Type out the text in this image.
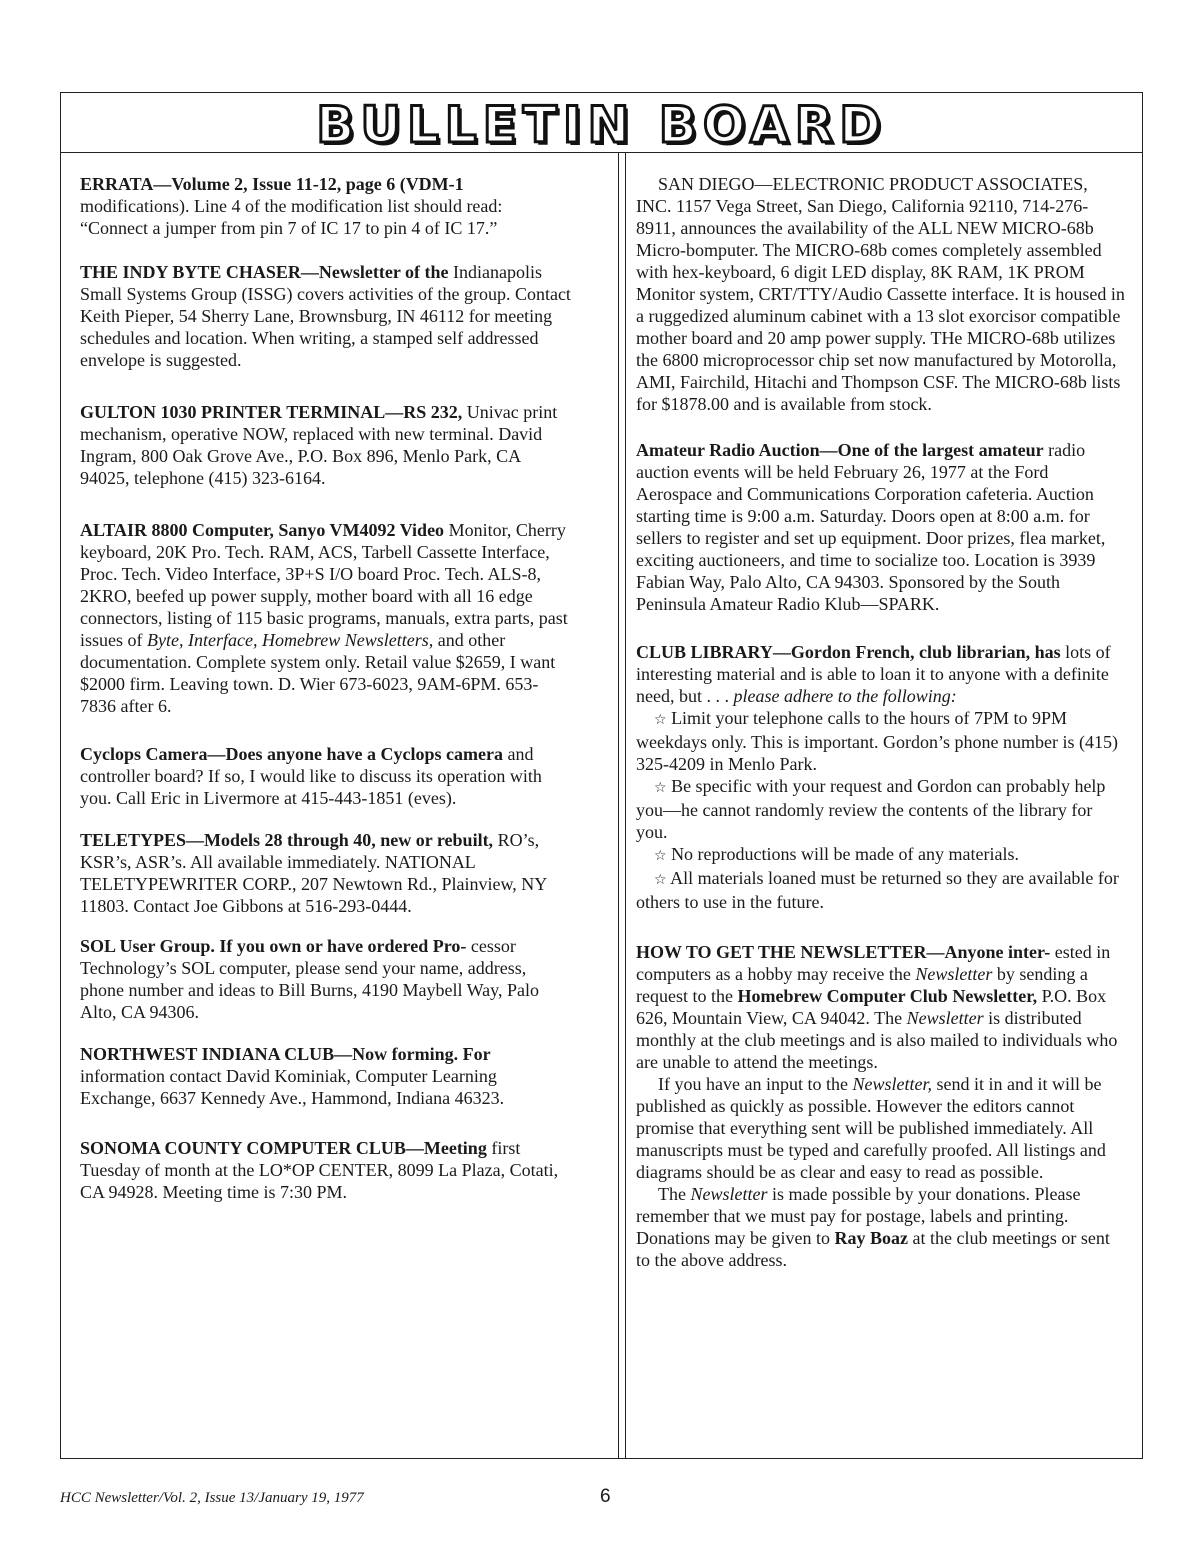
BULLETIN BOARD

ERRATA—Volume 2, Issue 11-12, page 6 (VDM-1 modifications). Line 4 of the modification list should read: “Connect a jumper from pin 7 of IC 17 to pin 4 of IC 17.”

THE INDY BYTE CHASER—Newsletter of the Indianapolis Small Systems Group (ISSG) covers activities of the group. Contact Keith Pieper, 54 Sherry Lane, Brownsburg, IN 46112 for meeting schedules and location. When writing, a stamped self addressed envelope is suggested.

GULTON 1030 PRINTER TERMINAL—RS 232, Univac print mechanism, operative NOW, replaced with new terminal. David Ingram, 800 Oak Grove Ave., P.O. Box 896, Menlo Park, CA 94025, telephone (415) 323-6164.

ALTAIR 8800 Computer, Sanyo VM4092 Video Monitor, Cherry keyboard, 20K Pro. Tech. RAM, ACS, Tarbell Cassette Interface, Proc. Tech. Video Interface, 3P+S I/O board Proc. Tech. ALS-8, 2KRO, beefed up power supply, mother board with all 16 edge connectors, listing of 115 basic programs, manuals, extra parts, past issues of Byte, Interface, Homebrew Newsletters, and other documentation. Complete system only. Retail value $2659, I want $2000 firm. Leaving town. D. Wier 673-6023, 9AM-6PM. 653-7836 after 6.

Cyclops Camera—Does anyone have a Cyclops camera and controller board? If so, I would like to discuss its operation with you. Call Eric in Livermore at 415-443-1851 (eves).

TELETYPES—Models 28 through 40, new or rebuilt, RO’s, KSR’s, ASR’s. All available immediately. NATIONAL TELETYPEWRITER CORP., 207 Newtown Rd., Plainview, NY 11803. Contact Joe Gibbons at 516-293-0444.

SOL User Group. If you own or have ordered Pro- cessor Technology’s SOL computer, please send your name, address, phone number and ideas to Bill Burns, 4190 Maybell Way, Palo Alto, CA 94306.

NORTHWEST INDIANA CLUB—Now forming. For information contact David Kominiak, Computer Learning Exchange, 6637 Kennedy Ave., Hammond, Indiana 46323.

SONOMA COUNTY COMPUTER CLUB—Meeting first Tuesday of month at the LO*OP CENTER, 8099 La Plaza, Cotati, CA 94928. Meeting time is 7:30 PM.

SAN DIEGO—ELECTRONIC PRODUCT ASSOCIATES, INC. 1157 Vega Street, San Diego, California 92110, 714-276-8911, announces the availability of the ALL NEW MICRO-68b Micro-bomputer. The MICRO-68b comes completely assembled with hex-keyboard, 6 digit LED display, 8K RAM, 1K PROM Monitor system, CRT/TTY/Audio Cassette interface. It is housed in a ruggedized aluminum cabinet with a 13 slot exorcisor compatible mother board and 20 amp power supply. THe MICRO-68b utilizes the 6800 microprocessor chip set now manufactured by Motorolla, AMI, Fairchild, Hitachi and Thompson CSF. The MICRO-68b lists for $1878.00 and is available from stock.

Amateur Radio Auction—One of the largest amateur radio auction events will be held February 26, 1977 at the Ford Aerospace and Communications Corporation cafeteria. Auction starting time is 9:00 a.m. Saturday. Doors open at 8:00 a.m. for sellers to register and set up equipment. Door prizes, flea market, exciting auctioneers, and time to socialize too. Location is 3939 Fabian Way, Palo Alto, CA 94303. Sponsored by the South Peninsula Amateur Radio Klub—SPARK.

CLUB LIBRARY—Gordon French, club librarian, has lots of interesting material and is able to loan it to anyone with a definite need, but . . . please adhere to the following:

☆ Limit your telephone calls to the hours of 7PM to 9PM weekdays only. This is important. Gordon’s phone number is (415) 325-4209 in Menlo Park.

☆ Be specific with your request and Gordon can probably help you—he cannot randomly review the contents of the library for you.

☆ No reproductions will be made of any materials.

☆ All materials loaned must be returned so they are available for others to use in the future.

HOW TO GET THE NEWSLETTER—Anyone inter- ested in computers as a hobby may receive the Newsletter by sending a request to the Homebrew Computer Club Newsletter, P.O. Box 626, Mountain View, CA 94042. The Newsletter is distributed monthly at the club meetings and is also mailed to individuals who are unable to attend the meetings.

If you have an input to the Newsletter, send it in and it will be published as quickly as possible. However the editors cannot promise that everything sent will be published immediately. All manuscripts must be typed and carefully proofed. All listings and diagrams should be as clear and easy to read as possible.

The Newsletter is made possible by your donations. Please remember that we must pay for postage, labels and printing. Donations may be given to Ray Boaz at the club meetings or sent to the above address.

HCC Newsletter/Vol. 2, Issue 13/January 19, 1977	6
